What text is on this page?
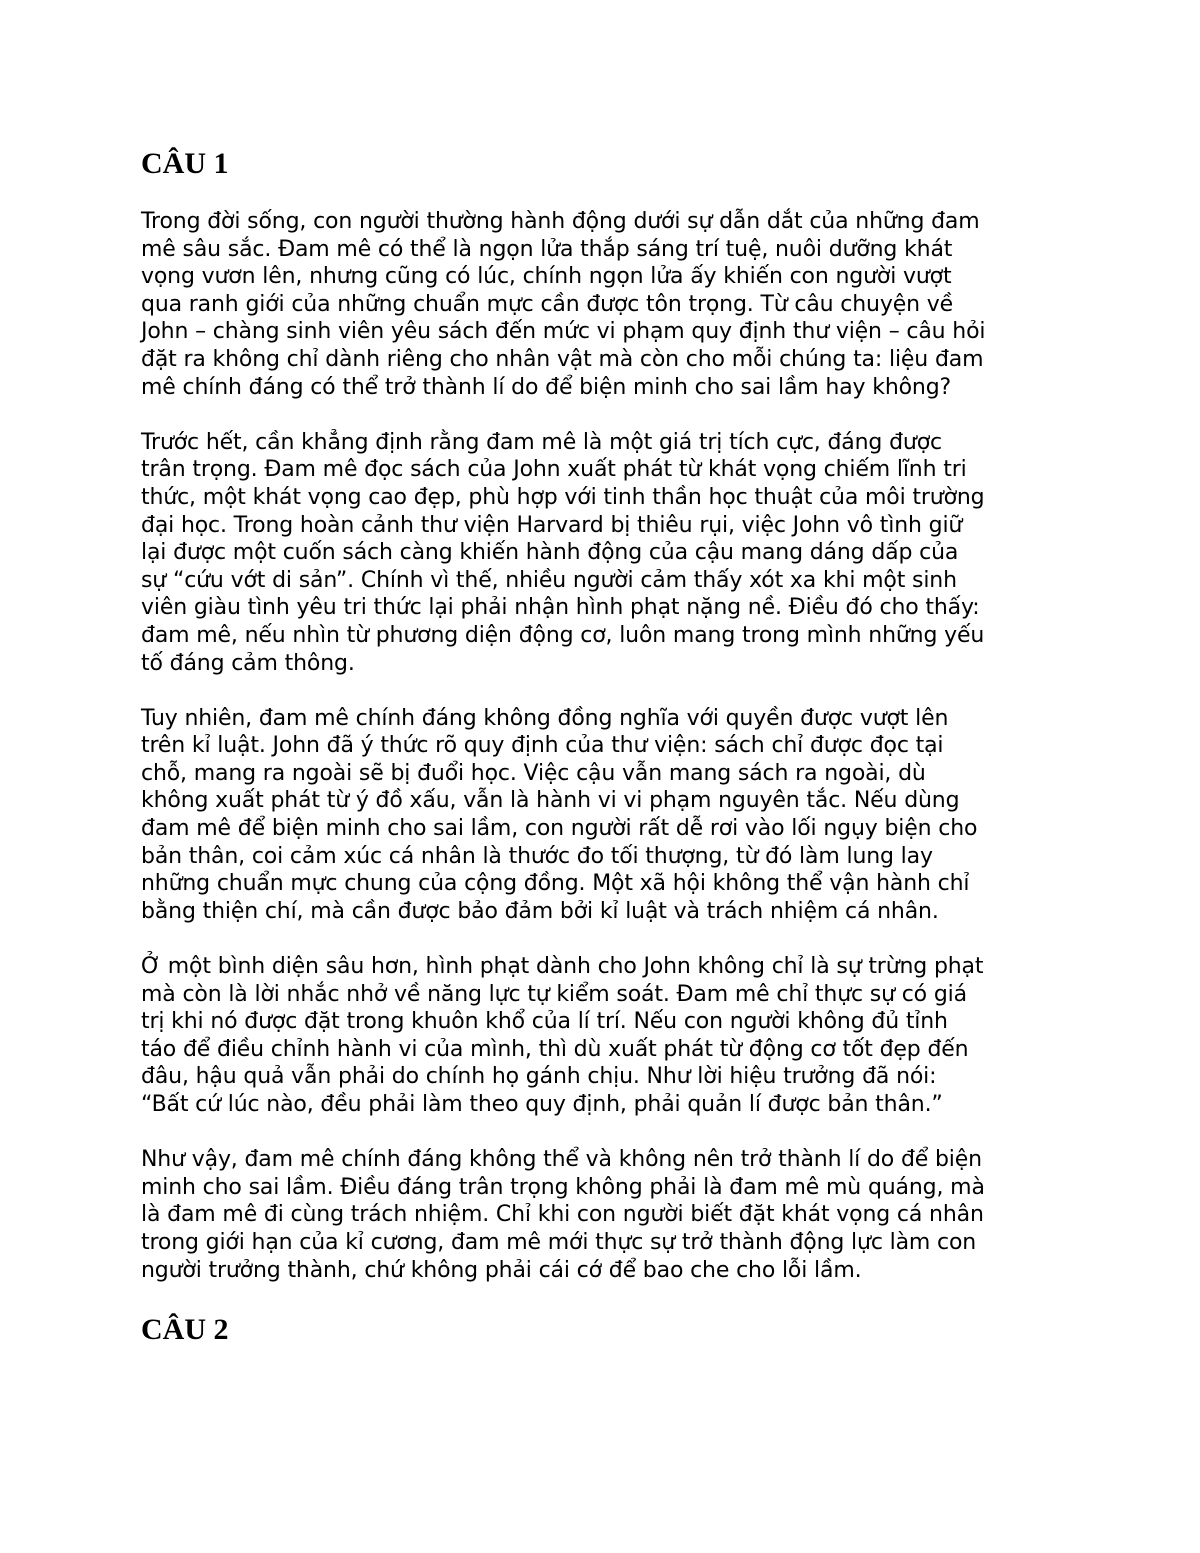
CÂU 1

Trong đời sống, con người thường hành động dưới sự dẫn dắt của những đam
mê sâu sắc. Đam mê có thể là ngọn lửa thắp sáng trí tuệ, nuôi dưỡng khát
vọng vươn lên, nhưng cũng có lúc, chính ngọn lửa ấy khiến con người vượt
qua ranh giới của những chuẩn mực cần được tôn trọng. Từ câu chuyện về
John – chàng sinh viên yêu sách đến mức vi phạm quy định thư viện – câu hỏi
đặt ra không chỉ dành riêng cho nhân vật mà còn cho mỗi chúng ta: liệu đam
mê chính đáng có thể trở thành lí do để biện minh cho sai lầm hay không?

Trước hết, cần khẳng định rằng đam mê là một giá trị tích cực, đáng được
trân trọng. Đam mê đọc sách của John xuất phát từ khát vọng chiếm lĩnh tri
thức, một khát vọng cao đẹp, phù hợp với tinh thần học thuật của môi trường
đại học. Trong hoàn cảnh thư viện Harvard bị thiêu rụi, việc John vô tình giữ
lại được một cuốn sách càng khiến hành động của cậu mang dáng dấp của
sự “cứu vớt di sản”. Chính vì thế, nhiều người cảm thấy xót xa khi một sinh
viên giàu tình yêu tri thức lại phải nhận hình phạt nặng nề. Điều đó cho thấy:
đam mê, nếu nhìn từ phương diện động cơ, luôn mang trong mình những yếu
tố đáng cảm thông.

Tuy nhiên, đam mê chính đáng không đồng nghĩa với quyền được vượt lên
trên kỉ luật. John đã ý thức rõ quy định của thư viện: sách chỉ được đọc tại
chỗ, mang ra ngoài sẽ bị đuổi học. Việc cậu vẫn mang sách ra ngoài, dù
không xuất phát từ ý đồ xấu, vẫn là hành vi vi phạm nguyên tắc. Nếu dùng
đam mê để biện minh cho sai lầm, con người rất dễ rơi vào lối ngụy biện cho
bản thân, coi cảm xúc cá nhân là thước đo tối thượng, từ đó làm lung lay
những chuẩn mực chung của cộng đồng. Một xã hội không thể vận hành chỉ
bằng thiện chí, mà cần được bảo đảm bởi kỉ luật và trách nhiệm cá nhân.

Ở một bình diện sâu hơn, hình phạt dành cho John không chỉ là sự trừng phạt
mà còn là lời nhắc nhở về năng lực tự kiểm soát. Đam mê chỉ thực sự có giá
trị khi nó được đặt trong khuôn khổ của lí trí. Nếu con người không đủ tỉnh
táo để điều chỉnh hành vi của mình, thì dù xuất phát từ động cơ tốt đẹp đến
đâu, hậu quả vẫn phải do chính họ gánh chịu. Như lời hiệu trưởng đã nói:
“Bất cứ lúc nào, đều phải làm theo quy định, phải quản lí được bản thân.”

Như vậy, đam mê chính đáng không thể và không nên trở thành lí do để biện
minh cho sai lầm. Điều đáng trân trọng không phải là đam mê mù quáng, mà
là đam mê đi cùng trách nhiệm. Chỉ khi con người biết đặt khát vọng cá nhân
trong giới hạn của kỉ cương, đam mê mới thực sự trở thành động lực làm con
người trưởng thành, chứ không phải cái cớ để bao che cho lỗi lầm.

CÂU 2
